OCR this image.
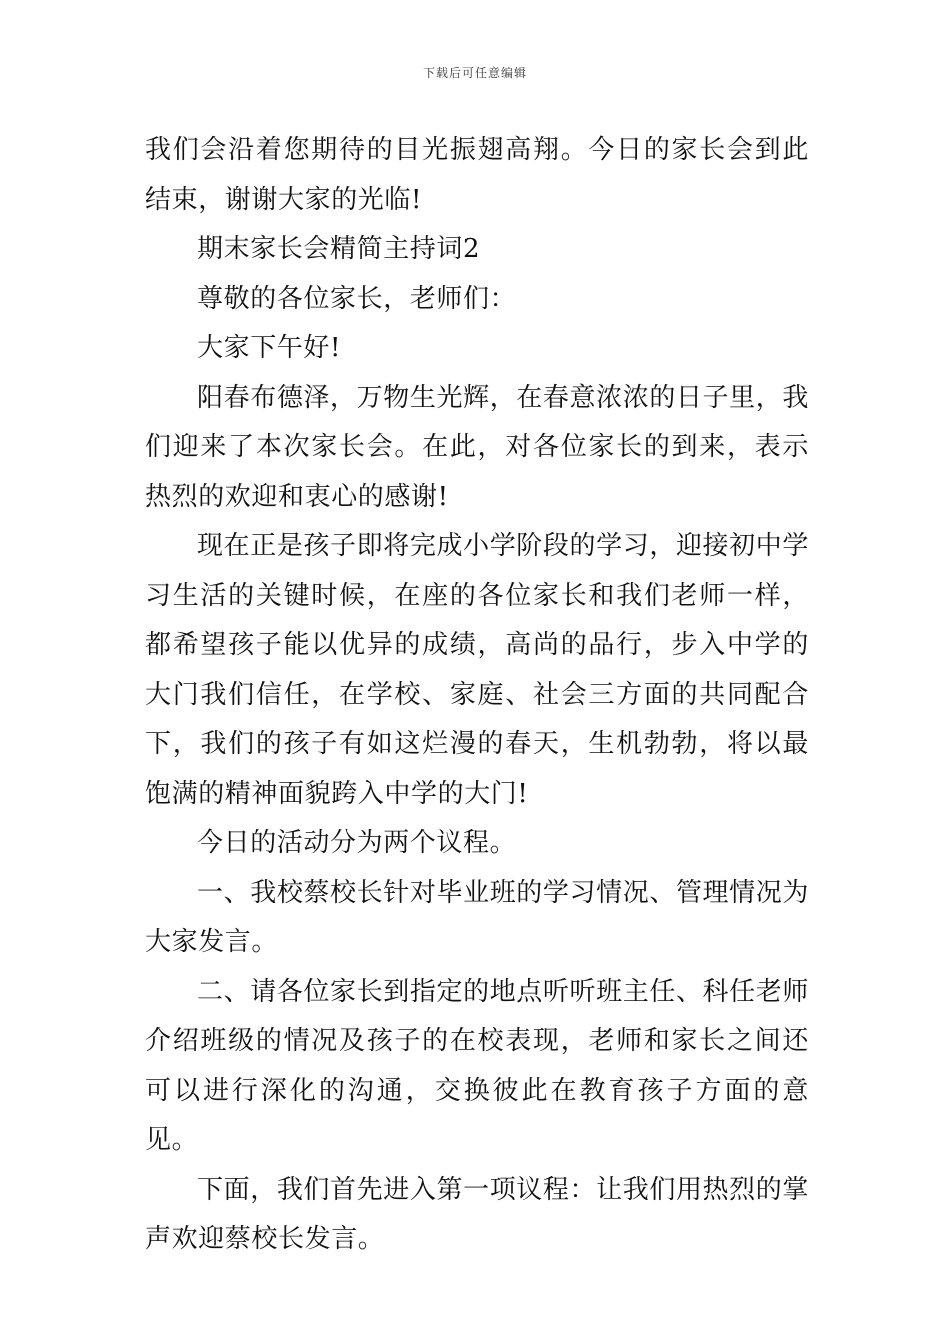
下载后可任意编辑

我们会沿着您期待的目光振翅高翔。今日的家长会到此结束，谢谢大家的光临!

期末家长会精简主持词2

尊敬的各位家长，老师们：

大家下午好!

阳春布德泽，万物生光辉，在春意浓浓的日子里，我们迎来了本次家长会。在此，对各位家长的到来，表示热烈的欢迎和衷心的感谢!

现在正是孩子即将完成小学阶段的学习，迎接初中学习生活的关键时候，在座的各位家长和我们老师一样，都希望孩子能以优异的成绩，高尚的品行，步入中学的大门我们信任，在学校、家庭、社会三方面的共同配合下，我们的孩子有如这烂漫的春天，生机勃勃，将以最饱满的精神面貌跨入中学的大门!

今日的活动分为两个议程。

一、我校蔡校长针对毕业班的学习情况、管理情况为大家发言。

二、请各位家长到指定的地点听听班主任、科任老师介绍班级的情况及孩子的在校表现，老师和家长之间还可以进行深化的沟通，交换彼此在教育孩子方面的意见。

下面，我们首先进入第一项议程：让我们用热烈的掌声欢迎蔡校长发言。
